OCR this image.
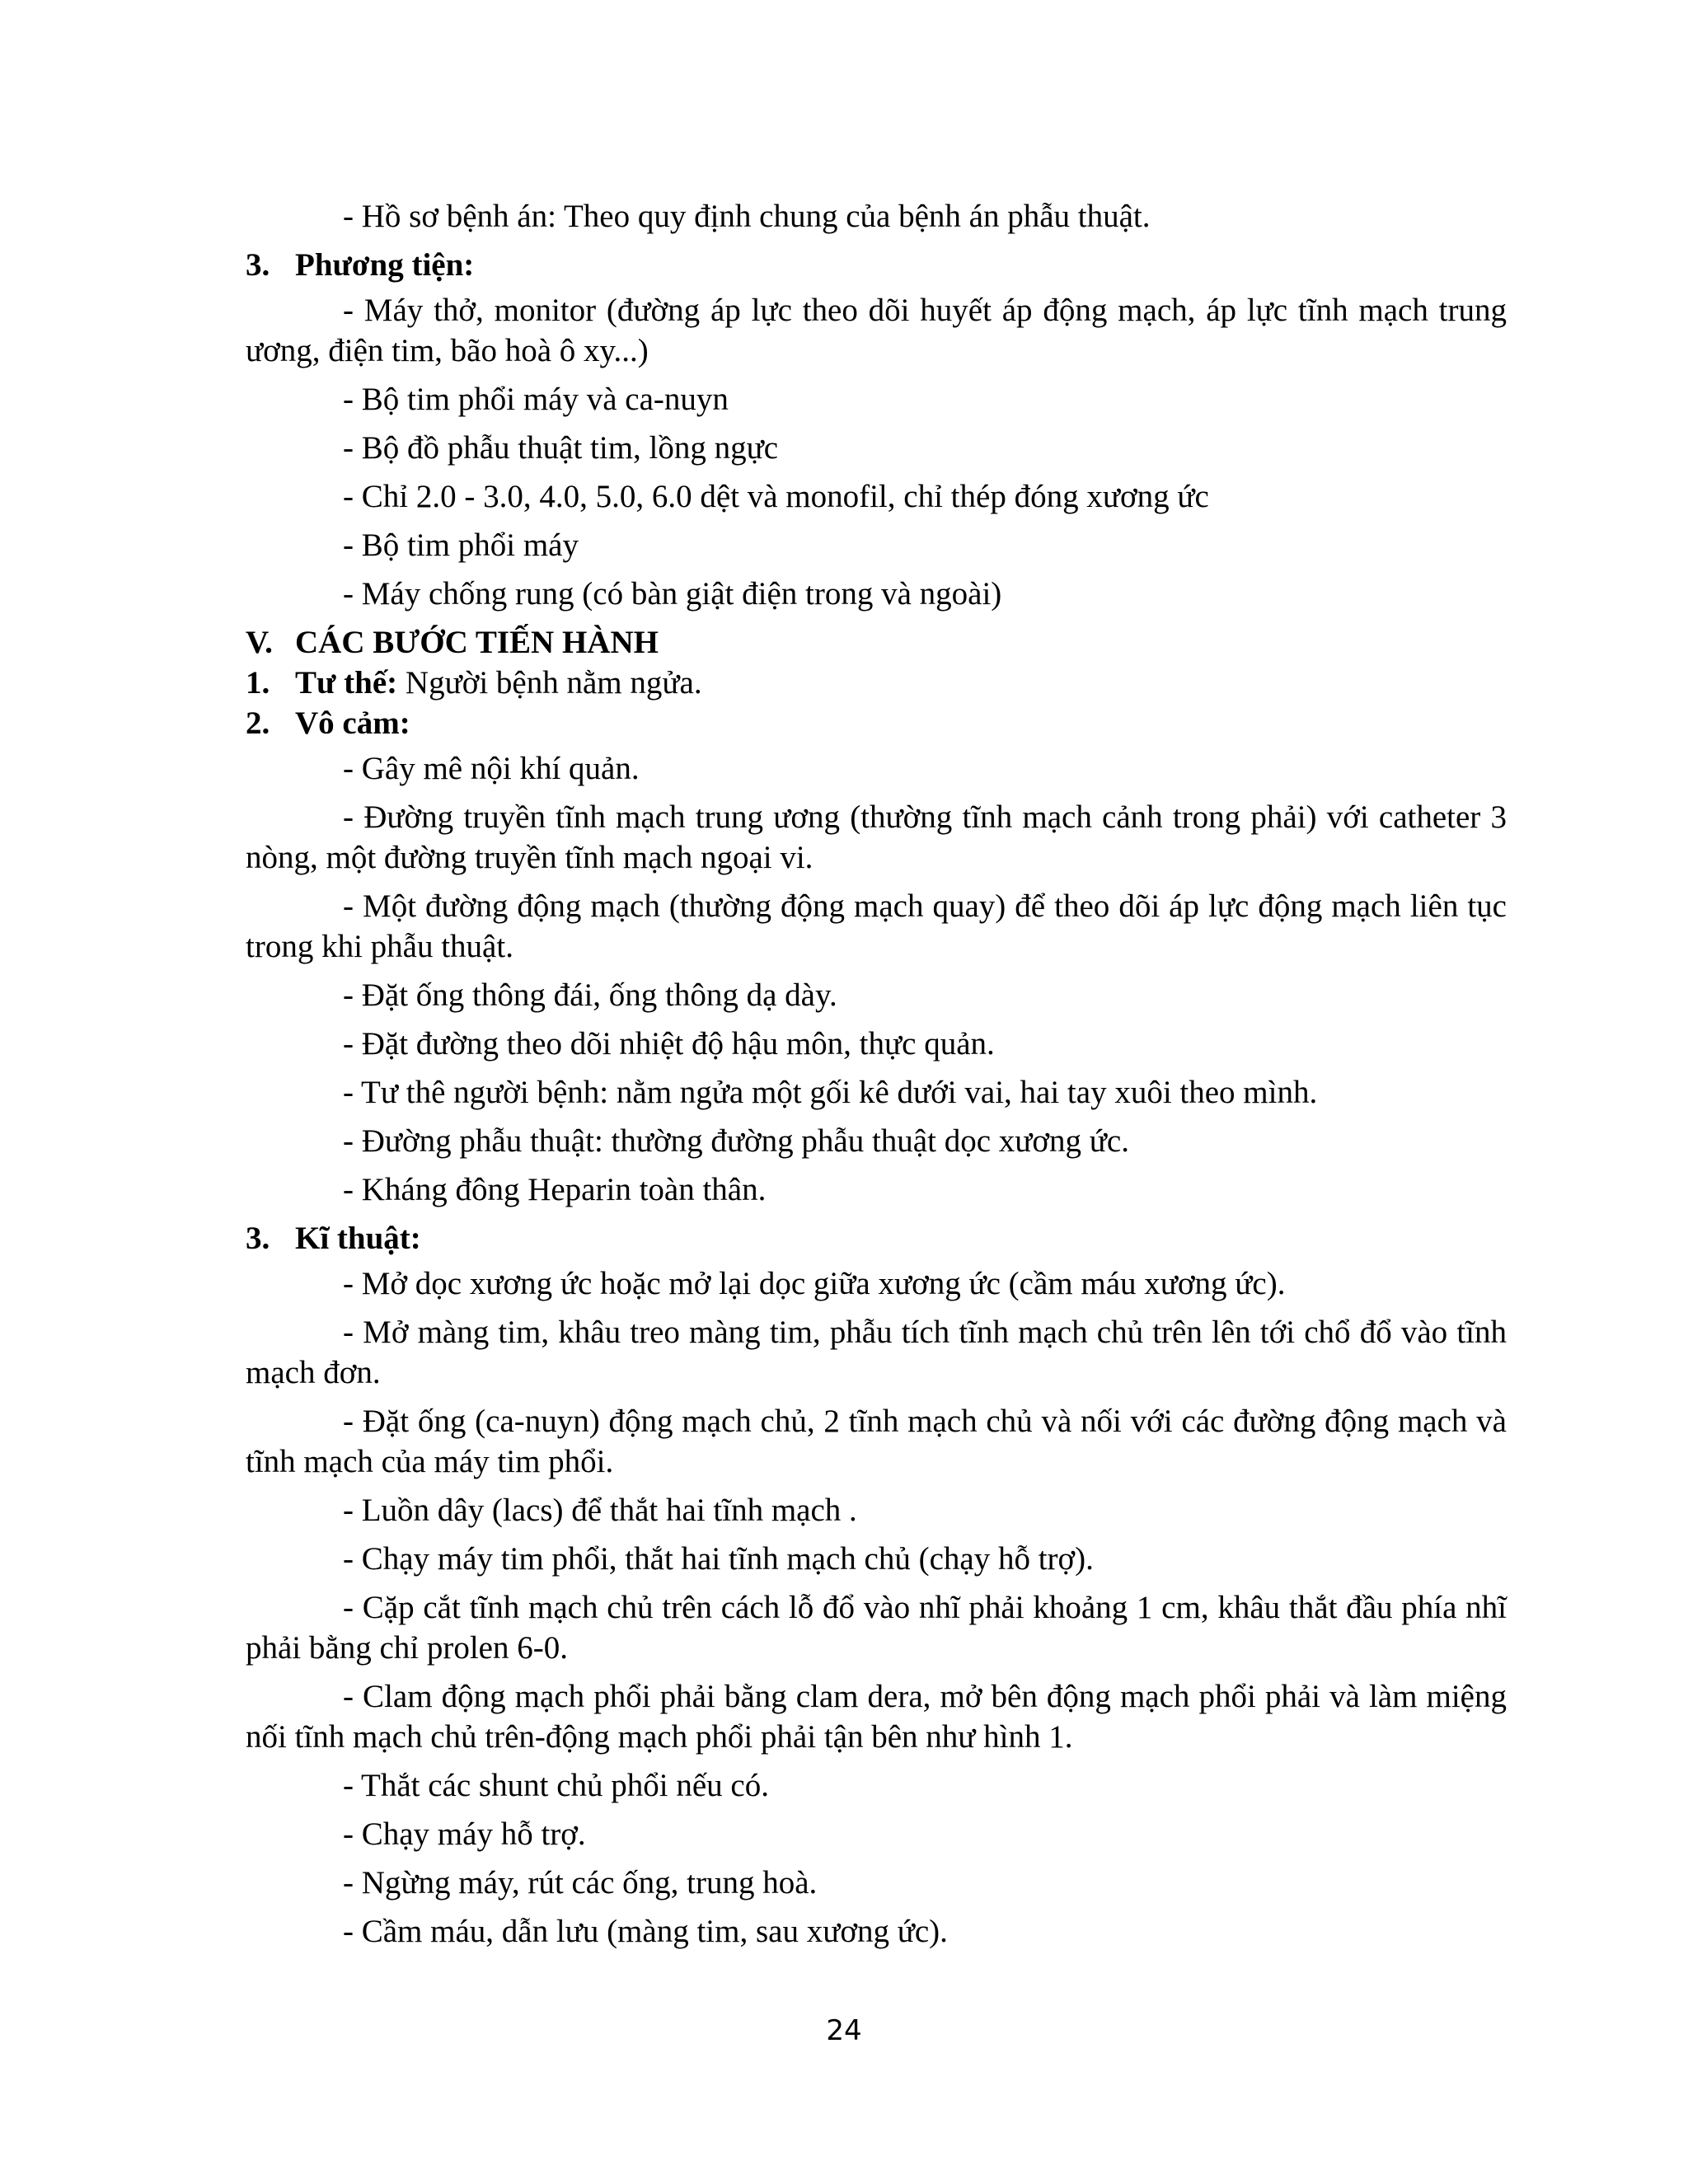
- Hồ sơ bệnh án: Theo quy định chung của bệnh án phẫu thuật.

3. Phương tiện:

- Máy thở, monitor (đường áp lực theo dõi huyết áp động mạch, áp lực tĩnh mạch trung ương, điện tim, bão hoà ô xy...)

- Bộ tim phổi máy và ca-nuyn

- Bộ đồ phẫu thuật tim, lồng ngực

- Chỉ 2.0 - 3.0, 4.0, 5.0, 6.0 dệt và monofil, chỉ thép đóng xương ức

- Bộ tim phổi máy

- Máy chống rung (có bàn giật điện trong và ngoài)

V. CÁC BƯỚC TIẾN HÀNH
1. Tư thế: Người bệnh nằm ngửa.
2. Vô cảm:

- Gây mê nội khí quản.

- Đường truyền tĩnh mạch trung ương (thường tĩnh mạch cảnh trong phải) với catheter 3 nòng, một đường truyền tĩnh mạch ngoại vi.

- Một đường động mạch (thường động mạch quay) để theo dõi áp lực động mạch liên tục trong khi phẫu thuật.

- Đặt ống thông đái, ống thông dạ dày.

- Đặt đường theo dõi nhiệt độ hậu môn, thực quản.

- Tư thê người bệnh: nằm ngửa một gối kê dưới vai, hai tay xuôi theo mình.

- Đường phẫu thuật: thường đường phẫu thuật dọc xương ức.

- Kháng đông Heparin toàn thân.

3. Kĩ thuật:

- Mở dọc xương ức hoặc mở lại dọc giữa xương ức (cầm máu xương ức).

- Mở màng tim, khâu treo màng tim, phẫu tích tĩnh mạch chủ trên lên tới chổ đổ vào tĩnh mạch đơn.

- Đặt ống (ca-nuyn) động mạch chủ, 2 tĩnh mạch chủ và nối với các đường động mạch và tĩnh mạch của máy tim phổi.

- Luồn dây (lacs) để thắt hai tĩnh mạch .

- Chạy máy tim phổi, thắt hai tĩnh mạch chủ (chạy hỗ trợ).

- Cặp cắt tĩnh mạch chủ trên cách lỗ đổ vào nhĩ phải khoảng 1 cm, khâu thắt đầu phía nhĩ phải bằng chỉ prolen 6-0.

- Clam động mạch phổi phải bằng clam dera, mở bên động mạch phổi phải và làm miệng nối tĩnh mạch chủ trên-động mạch phổi phải tận bên như hình 1.

- Thắt các shunt chủ phổi nếu có.

- Chạy máy hỗ trợ.

- Ngừng máy, rút các ống, trung hoà.

- Cầm máu, dẫn lưu (màng tim, sau xương ức).

24
